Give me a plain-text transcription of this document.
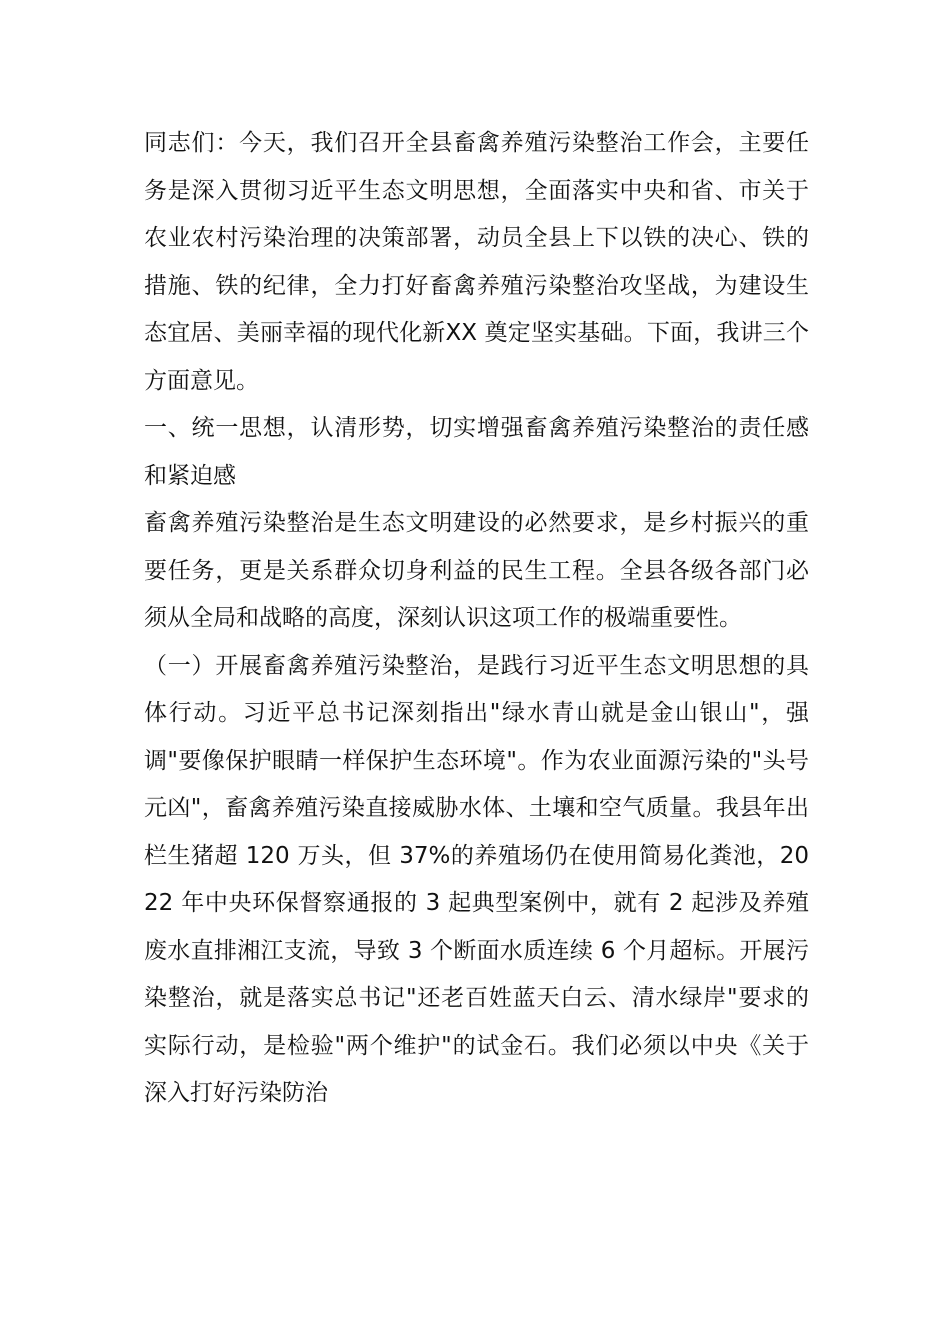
同志们：今天，我们召开全县畜禽养殖污染整治工作会，主要任务是深入贯彻习近平生态文明思想，全面落实中央和省、市关于农业农村污染治理的决策部署，动员全县上下以铁的决心、铁的措施、铁的纪律，全力打好畜禽养殖污染整治攻坚战，为建设生态宜居、美丽幸福的现代化新XX 奠定坚实基础。下面，我讲三个方面意见。

一、统一思想，认清形势，切实增强畜禽养殖污染整治的责任感和紧迫感

畜禽养殖污染整治是生态文明建设的必然要求，是乡村振兴的重要任务，更是关系群众切身利益的民生工程。全县各级各部门必须从全局和战略的高度，深刻认识这项工作的极端重要性。

（一）开展畜禽养殖污染整治，是践行习近平生态文明思想的具体行动。习近平总书记深刻指出"绿水青山就是金山银山"，强调"要像保护眼睛一样保护生态环境"。作为农业面源污染的"头号元凶"，畜禽养殖污染直接威胁水体、土壤和空气质量。我县年出栏生猪超 120 万头，但 37%的养殖场仍在使用简易化粪池，2022 年中央环保督察通报的 3 起典型案例中，就有 2 起涉及养殖废水直排湘江支流，导致 3 个断面水质连续 6 个月超标。开展污染整治，就是落实总书记"还老百姓蓝天白云、清水绿岸"要求的实际行动，是检验"两个维护"的试金石。我们必须以中央《关于深入打好污染防治
